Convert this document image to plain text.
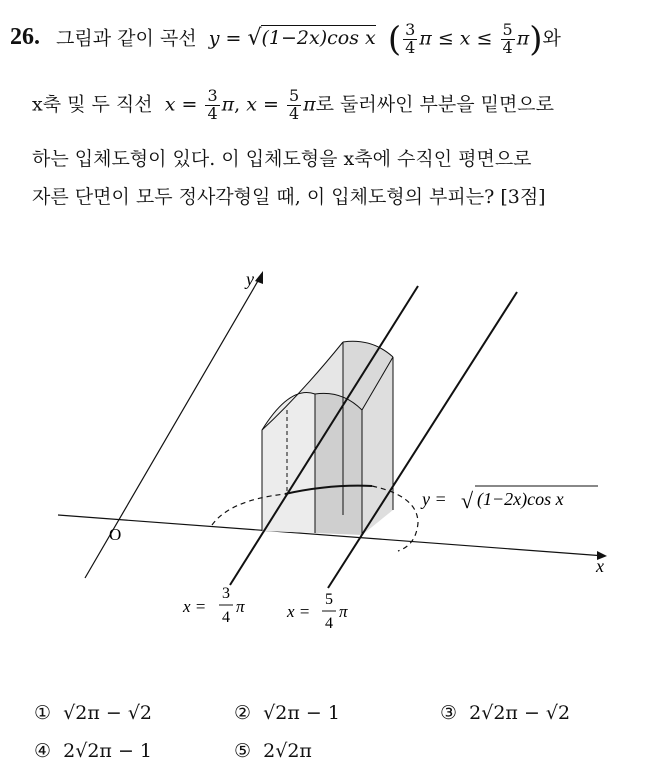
26. 그림과 같이 곡선 y = √(1−2x)cos x ( $\frac{3}{4}$ $\pi \le x \le \frac{5}{4} \pi$)와
x축 및 두 직선 $x = \frac{3}{4} \pi$, $x = \frac{5}{4}$ π로 둘러싸인 부분을 밑면으로
하는 입체도형이 있다. 이 입체도형을 x축에 수직인 평면으로
자른 단면이 모두 정사각형일 때, 이 입체도형의 부피는? [3점]
y
x
O
y = √ (1−2x)cos x
x =
3
4
π x =
5
4
π
① √2π − √2	② √2π − 1	③ 2√2π − √2
④ 2√2π − 1	⑤ 2√2π
